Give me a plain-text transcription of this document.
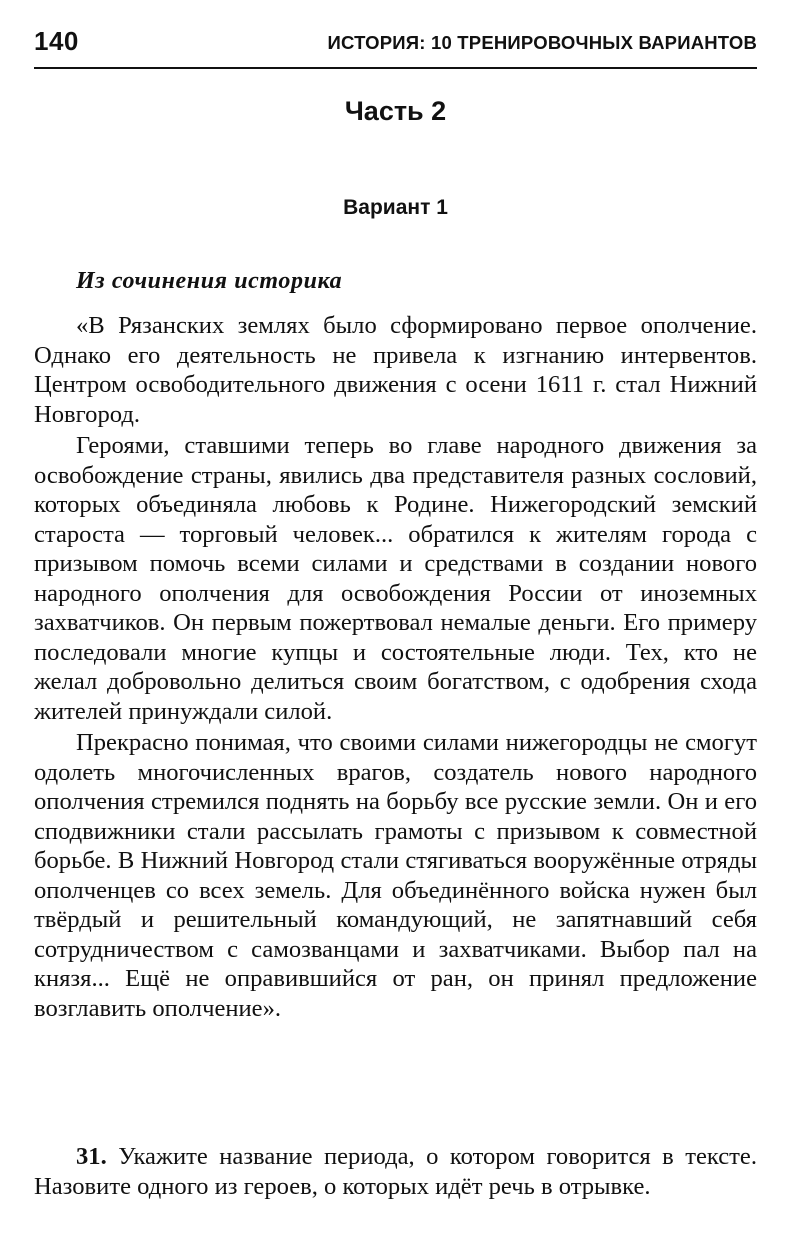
140	ИСТОРИЯ: 10 ТРЕНИРОВОЧНЫХ ВАРИАНТОВ
Часть 2
Вариант 1
Из сочинения историка

«В Рязанских землях было сформировано первое ополчение. Однако его деятельность не привела к изгнанию интервентов. Центром освободительного движения с осени 1611 г. стал Нижний Новгород.

Героями, ставшими теперь во главе народного движения за освобождение страны, явились два представителя разных сословий, которых объединяла любовь к Родине. Нижегородский земский староста — торговый человек... обратился к жителям города с призывом помочь всеми силами и средствами в создании нового народного ополчения для освобождения России от иноземных захватчиков. Он первым пожертвовал немалые деньги. Его примеру последовали многие купцы и состоятельные люди. Тех, кто не желал добровольно делиться своим богатством, с одобрения схода жителей принуждали силой.

Прекрасно понимая, что своими силами нижегородцы не смогут одолеть многочисленных врагов, создатель нового народного ополчения стремился поднять на борьбу все русские земли. Он и его сподвижники стали рассылать грамоты с призывом к совместной борьбе. В Нижний Новгород стали стягиваться вооружённые отряды ополченцев со всех земель. Для объединённого войска нужен был твёрдый и решительный командующий, не запятнавший себя сотрудничеством с самозванцами и захватчиками. Выбор пал на князя... Ещё не оправившийся от ран, он принял предложение возглавить ополчение».

31. Укажите название периода, о котором говорится в тексте. Назовите одного из героев, о которых идёт речь в отрывке.
